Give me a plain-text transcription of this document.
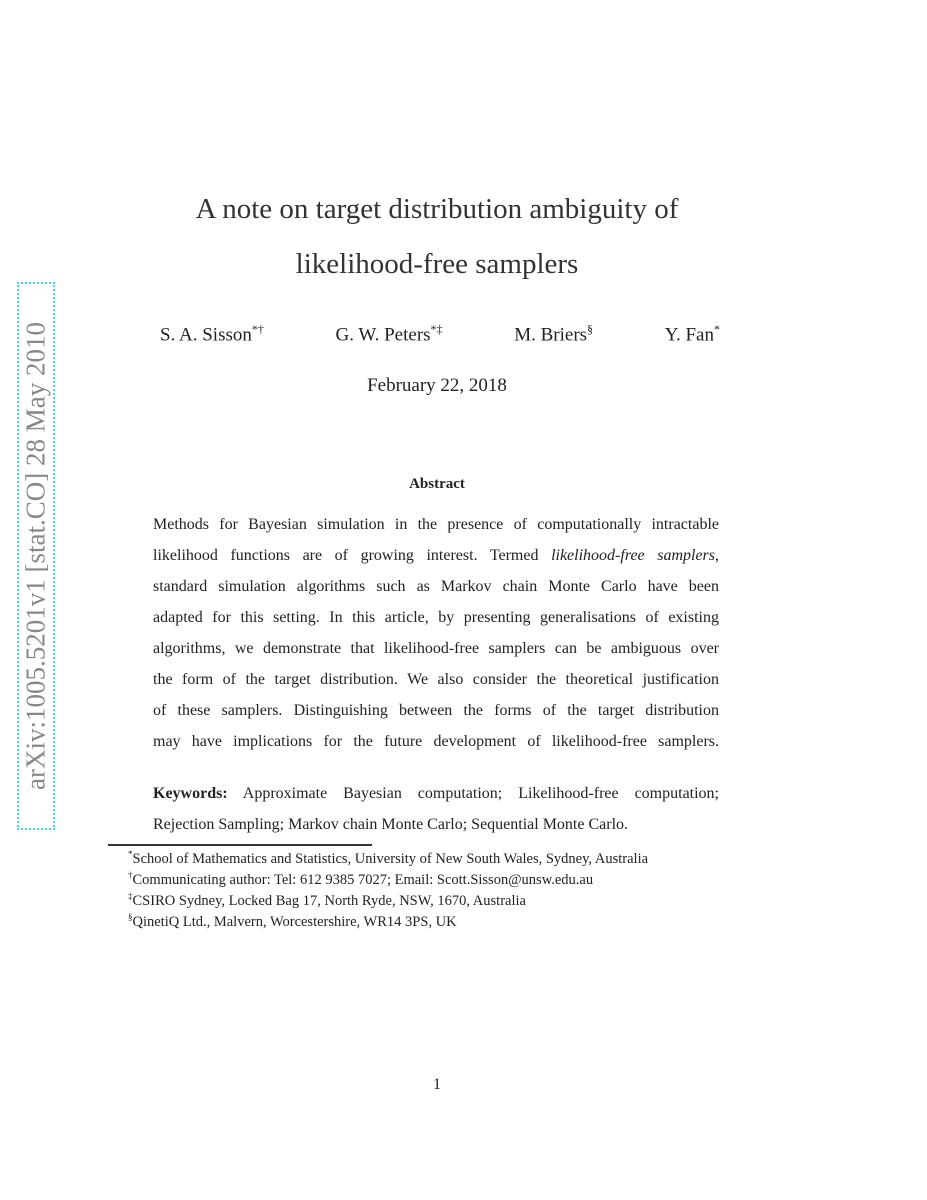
arXiv:1005.5201v1 [stat.CO] 28 May 2010
A note on target distribution ambiguity of
likelihood-free samplers
S. A. Sisson*†	G. W. Peters*‡	M. Briers§	Y. Fan*
February 22, 2018
Abstract
Methods for Bayesian simulation in the presence of computationally intractable
likelihood functions are of growing interest. Termed likelihood-free samplers,
standard simulation algorithms such as Markov chain Monte Carlo have been
adapted for this setting. In this article, by presenting generalisations of existing
algorithms, we demonstrate that likelihood-free samplers can be ambiguous over
the form of the target distribution. We also consider the theoretical justification
of these samplers. Distinguishing between the forms of the target distribution
may have implications for the future development of likelihood-free samplers.
Keywords: Approximate Bayesian computation; Likelihood-free computation;
Rejection Sampling; Markov chain Monte Carlo; Sequential Monte Carlo.
*School of Mathematics and Statistics, University of New South Wales, Sydney, Australia
†Communicating author: Tel: 612 9385 7027; Email: Scott.Sisson@unsw.edu.au
‡CSIRO Sydney, Locked Bag 17, North Ryde, NSW, 1670, Australia
§QinetiQ Ltd., Malvern, Worcestershire, WR14 3PS, UK
1
